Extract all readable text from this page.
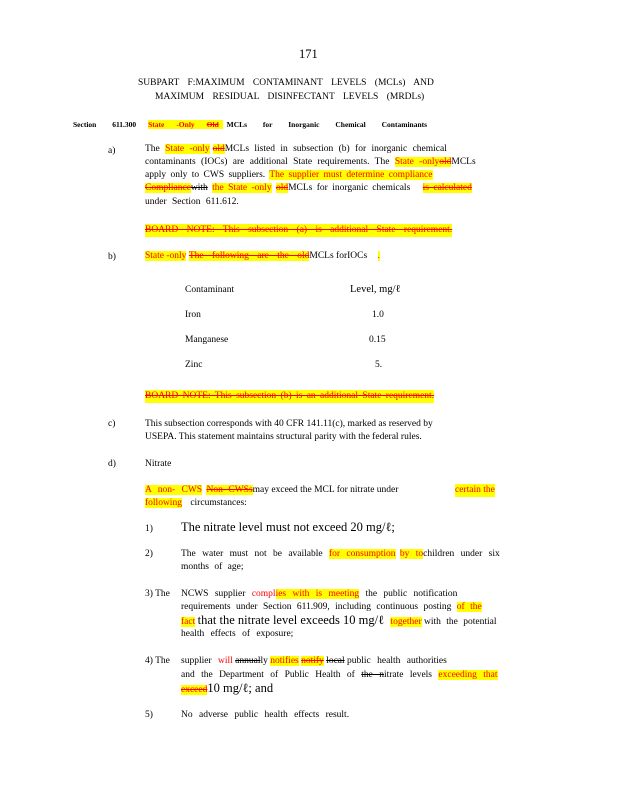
171
SUBPART F:MAXIMUM CONTAMINANT LEVELS (MCLs) AND
MAXIMUM RESIDUAL DISINFECTANT LEVELS (MRDLs)
Section 611.300 State -Only Old MCLs for Inorganic Chemical Contaminants
a)	The State -only oldMCLs listed in subsection (b) for inorganic chemical
contaminants (IOCs) are additional State requirements. The State -onlyoldMCLs
apply only to CWS suppliers. The supplier must determine compliance
Compliancewith the State -only oldMCLs for inorganic chemicals is calculated
under Section 611.612.
BOARD NOTE: This subsection (a) is additional State requirement.
b)	State -only The following are the oldMCLs forIOCs .
Contaminant	Level, mg/ℓ
Iron	1.0
Manganese	0.15
Zinc	5.
BOARD NOTE: This subsection (b) is an additional State requirement.
c)	This subsection corresponds with 40 CFR 141.11(c), marked as reserved by
USEPA. This statement maintains structural parity with the federal rules.
d)	Nitrate
A non- CWS Non- CWSsmay exceed the MCL for nitrate under	certain the
following circumstances:
1) The nitrate level must not exceed 20 mg/ℓ;
2)	The water must not be available for consumption by tochildren under six
months of age;
3) The NCWS supplier complies with is meeting the public notification
requirements under Section 611.909, including continuous posting of the
fact that the nitrate level exceeds 10 mg/ℓ together with the potential
health effects of exposure;
4) The supplier will annually notifies notify local public health authorities
and the Department of Public Health of the nitrate levels exceeding that
exceed10 mg/ℓ; and
5)	No adverse public health effects result.
